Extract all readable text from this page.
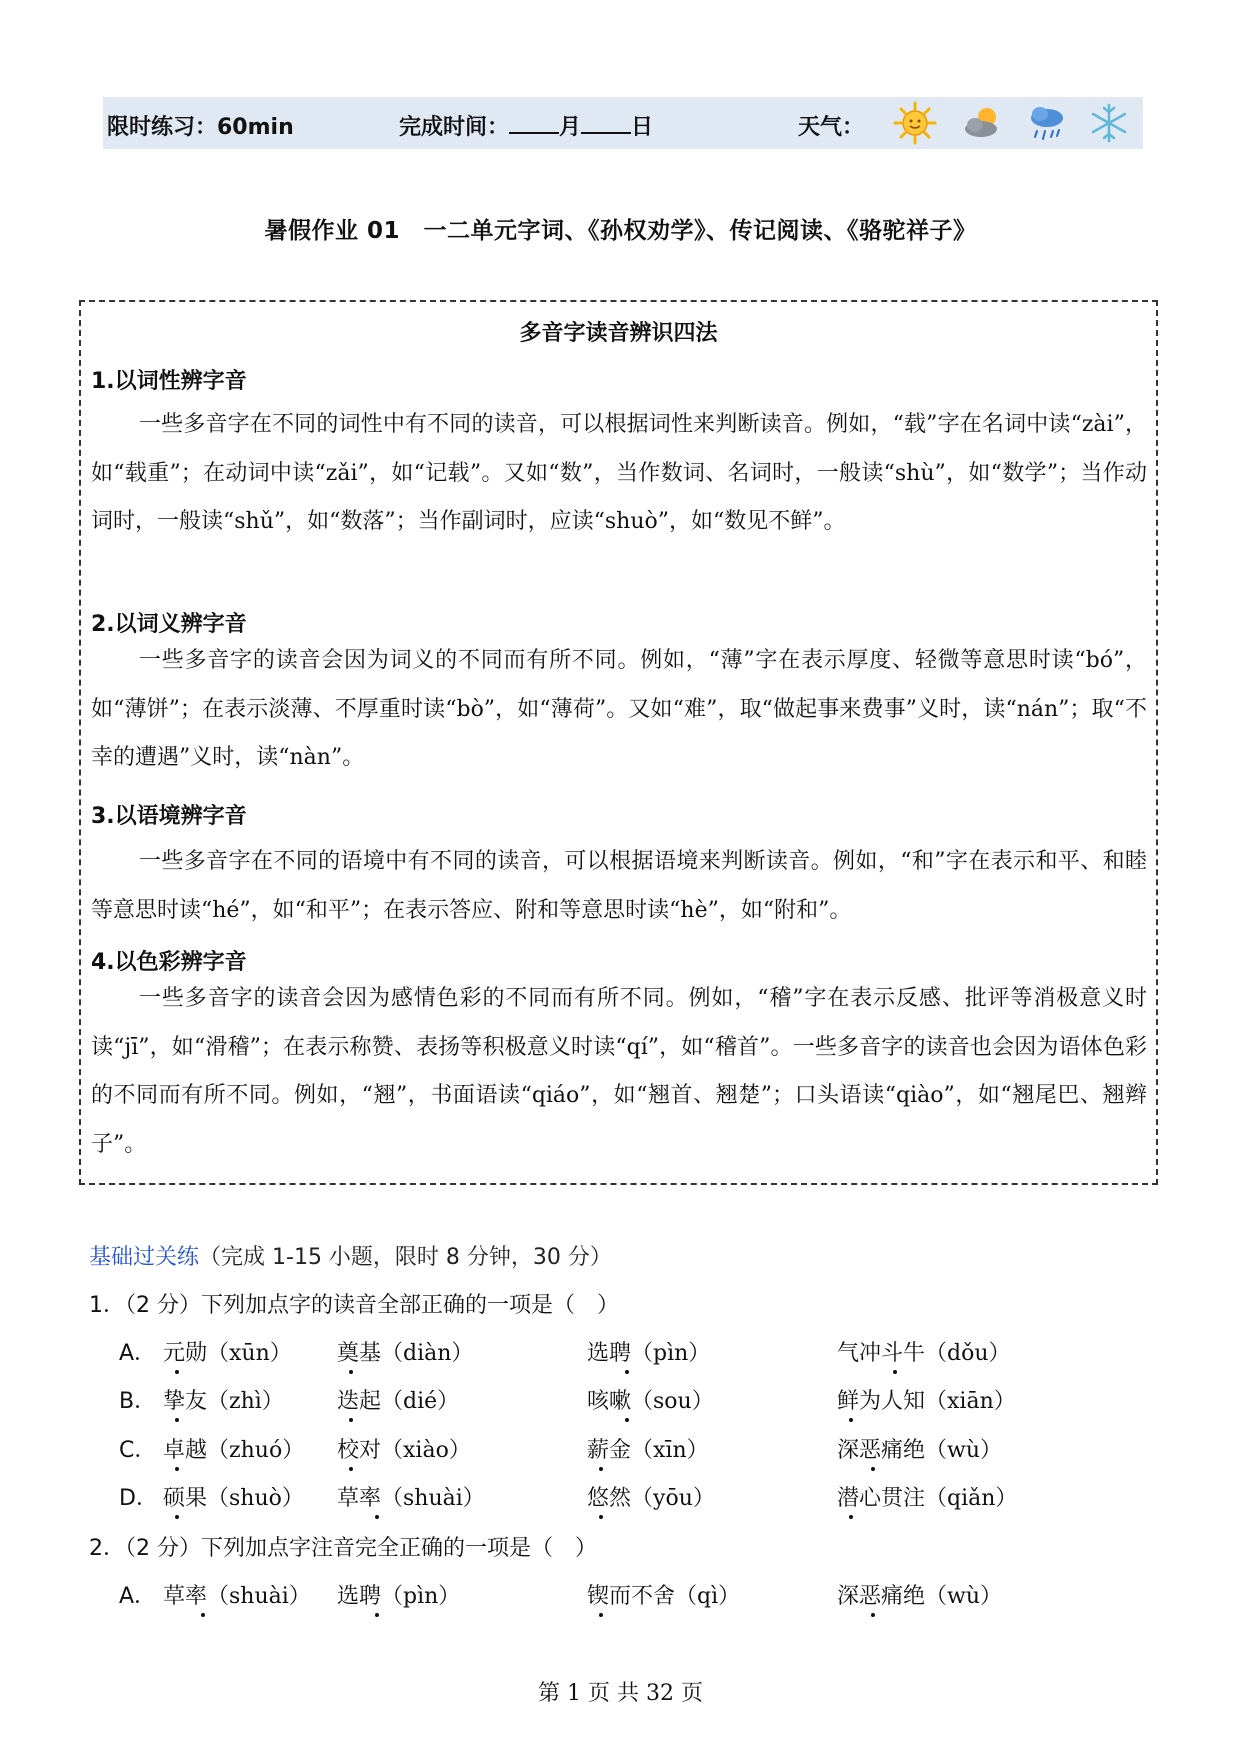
限时练习：60min	完成时间： 月 日	天气：
暑假作业 01　一二单元字词、《孙权劝学》、传记阅读、《骆驼祥子》
多音字读音辨识四法
1.以词性辨字音

一些多音字在不同的词性中有不同的读音，可以根据词性来判断读音。例如，“载”字在名词中读“zài”，如“载重”；在动词中读“zǎi”，如“记载”。又如“数”，当作数词、名词时，一般读“shù”，如“数学”；当作动词时，一般读“shǔ”，如“数落”；当作副词时，应读“shuò”，如“数见不鲜”。

2.以词义辨字音

一些多音字的读音会因为词义的不同而有所不同。例如，“薄”字在表示厚度、轻微等意思时读“bó”，如“薄饼”；在表示淡薄、不厚重时读“bò”，如“薄荷”。又如“难”，取“做起事来费事”义时，读“nán”；取“不幸的遭遇”义时，读“nàn”。

3.以语境辨字音

一些多音字在不同的语境中有不同的读音，可以根据语境来判断读音。例如，“和”字在表示和平、和睦等意思时读“hé”，如“和平”；在表示答应、附和等意思时读“hè”，如“附和”。

4.以色彩辨字音

一些多音字的读音会因为感情色彩的不同而有所不同。例如，“稽”字在表示反感、批评等消极意义时读“jī”，如“滑稽”；在表示称赞、表扬等积极意义时读“qí”，如“稽首”。一些多音字的读音也会因为语体色彩的不同而有所不同。例如，“翘”，书面语读“qiáo”，如“翘首、翘楚”；口头语读“qiào”，如“翘尾巴、翘辫子”。

基础过关练（完成 1-15 小题，限时 8 分钟，30 分）
1．（2 分）下列加点字的读音全部正确的一项是（　）
A． 元勋（xūn） 奠基（diàn）	选聘（pìn）	气冲斗牛（dǒu）
B． 挚友（zhì） 迭起（dié）	咳嗽（sou）	鲜为人知（xiān）
C． 卓越（zhuó） 校对（xiào）	薪金（xīn）	深恶痛绝（wù）
D． 硕果（shuò） 草率（shuài）	悠然（yōu）	潜心贯注（qiǎn）
2．（2 分）下列加点字注音完全正确的一项是（　）
A． 草率（shuài） 选聘（pìn）	锲而不舍（qì）	深恶痛绝（wù）
第 1 页 共 32 页
